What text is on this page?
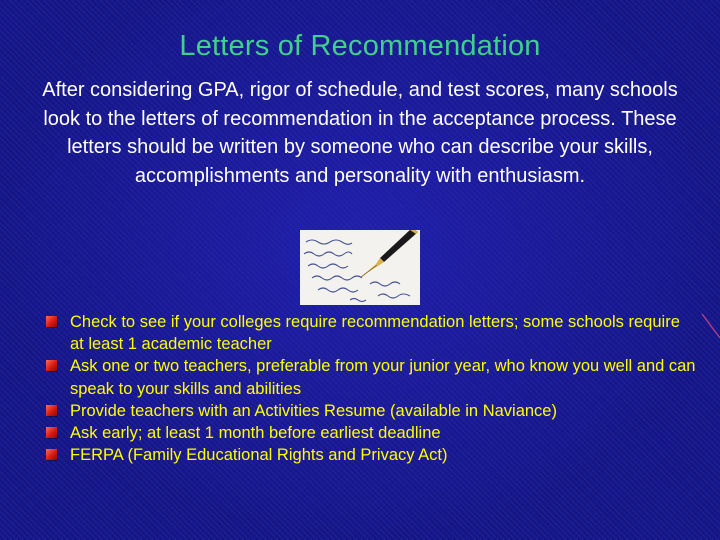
Letters of Recommendation
After considering GPA, rigor of schedule, and test scores, many schools look to the letters of recommendation in the acceptance process. These letters should be written by someone who can describe your skills, accomplishments and personality with enthusiasm.
Check to see if your colleges require recommendation letters; some schools require at least 1 academic teacher
Ask one or two teachers, preferable from your junior year, who know you well and can speak to your skills and abilities
Provide teachers with an Activities Resume (available in Naviance)
Ask early; at least 1 month before earliest deadline
FERPA (Family Educational Rights and Privacy Act)
